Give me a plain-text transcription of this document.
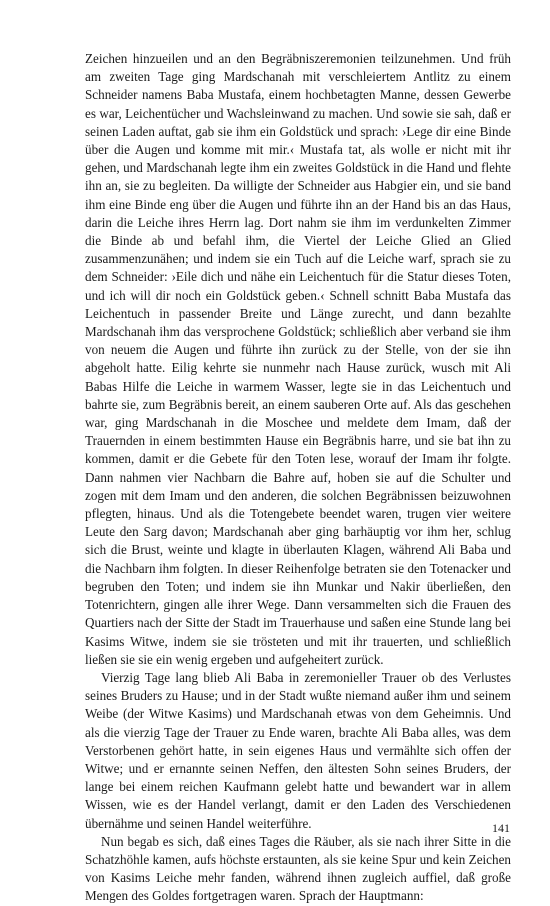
Zeichen hinzueilen und an den Begräbniszeremonien teilzunehmen. Und früh am zweiten Tage ging Mardschanah mit verschleiertem Antlitz zu einem Schneider namens Baba Mustafa, einem hochbetagten Manne, dessen Gewerbe es war, Leichentücher und Wachsleinwand zu machen. Und sowie sie sah, daß er seinen Laden auftat, gab sie ihm ein Goldstück und sprach: ›Lege dir eine Binde über die Augen und komme mit mir.‹ Mustafa tat, als wolle er nicht mit ihr gehen, und Mardschanah legte ihm ein zweites Goldstück in die Hand und flehte ihn an, sie zu begleiten. Da willigte der Schneider aus Habgier ein, und sie band ihm eine Binde eng über die Augen und führte ihn an der Hand bis an das Haus, darin die Leiche ihres Herrn lag. Dort nahm sie ihm im verdunkelten Zimmer die Binde ab und befahl ihm, die Viertel der Leiche Glied an Glied zusammenzunähen; und indem sie ein Tuch auf die Leiche warf, sprach sie zu dem Schneider: ›Eile dich und nähe ein Leichentuch für die Statur dieses Toten, und ich will dir noch ein Goldstück geben.‹ Schnell schnitt Baba Mustafa das Leichentuch in passender Breite und Länge zurecht, und dann bezahlte Mardschanah ihm das versprochene Goldstück; schließlich aber verband sie ihm von neuem die Augen und führte ihn zurück zu der Stelle, von der sie ihn abgeholt hatte. Eilig kehrte sie nunmehr nach Hause zurück, wusch mit Ali Babas Hilfe die Leiche in warmem Wasser, legte sie in das Leichentuch und bahrte sie, zum Begräbnis bereit, an einem sauberen Orte auf. Als das geschehen war, ging Mardschanah in die Moschee und meldete dem Imam, daß der Trauernden in einem bestimmten Hause ein Begräbnis harre, und sie bat ihn zu kommen, damit er die Gebete für den Toten lese, worauf der Imam ihr folgte. Dann nahmen vier Nachbarn die Bahre auf, hoben sie auf die Schulter und zogen mit dem Imam und den anderen, die solchen Begräbnissen beizuwohnen pflegten, hinaus. Und als die Totengebete beendet waren, trugen vier weitere Leute den Sarg davon; Mardschanah aber ging barhäuptig vor ihm her, schlug sich die Brust, weinte und klagte in überlauten Klagen, während Ali Baba und die Nachbarn ihm folgten. In dieser Reihenfolge betraten sie den Totenacker und begruben den Toten; und indem sie ihn Munkar und Nakir überließen, den Totenrichtern, gingen alle ihrer Wege. Dann versammelten sich die Frauen des Quartiers nach der Sitte der Stadt im Trauerhause und saßen eine Stunde lang bei Kasims Witwe, indem sie sie trösteten und mit ihr trauerten, und schließlich ließen sie sie ein wenig ergeben und aufgeheitert zurück.

Vierzig Tage lang blieb Ali Baba in zeremonieller Trauer ob des Verlustes seines Bruders zu Hause; und in der Stadt wußte niemand außer ihm und seinem Weibe (der Witwe Kasims) und Mardschanah etwas von dem Geheimnis. Und als die vierzig Tage der Trauer zu Ende waren, brachte Ali Baba alles, was dem Verstorbenen gehört hatte, in sein eigenes Haus und vermählte sich offen der Witwe; und er ernannte seinen Neffen, den ältesten Sohn seines Bruders, der lange bei einem reichen Kaufmann gelebt hatte und bewandert war in allem Wissen, wie es der Handel verlangt, damit er den Laden des Verschiedenen übernähme und seinen Handel weiterführe.

Nun begab es sich, daß eines Tages die Räuber, als sie nach ihrer Sitte in die Schatzhöhle kamen, aufs höchste erstaunten, als sie keine Spur und kein Zeichen von Kasims Leiche mehr fanden, während ihnen zugleich auffiel, daß große Mengen des Goldes fortgetragen waren. Sprach der Hauptmann:

141
